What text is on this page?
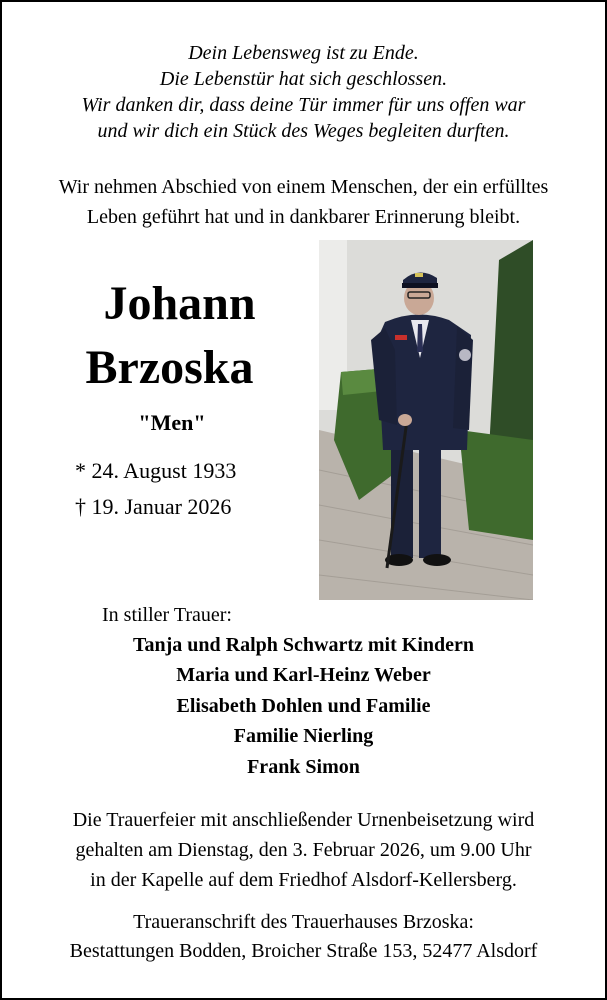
Dein Lebensweg ist zu Ende.
Die Lebenstür hat sich geschlossen.
Wir danken dir, dass deine Tür immer für uns offen war
und wir dich ein Stück des Weges begleiten durften.
Wir nehmen Abschied von einem Menschen, der ein erfülltes
Leben geführt hat und in dankbarer Erinnerung bleibt.
Johann
Brzoska
"Men"
* 24. August 1933
† 19. Januar 2026
In stiller Trauer:
Tanja und Ralph Schwartz mit Kindern
Maria und Karl-Heinz Weber
Elisabeth Dohlen und Familie
Familie Nierling
Frank Simon
Die Trauerfeier mit anschließender Urnenbeisetzung wird
gehalten am Dienstag, den 3. Februar 2026, um 9.00 Uhr
in der Kapelle auf dem Friedhof Alsdorf-Kellersberg.
Traueranschrift des Trauerhauses Brzoska:
Bestattungen Bodden, Broicher Straße 153, 52477 Alsdorf
